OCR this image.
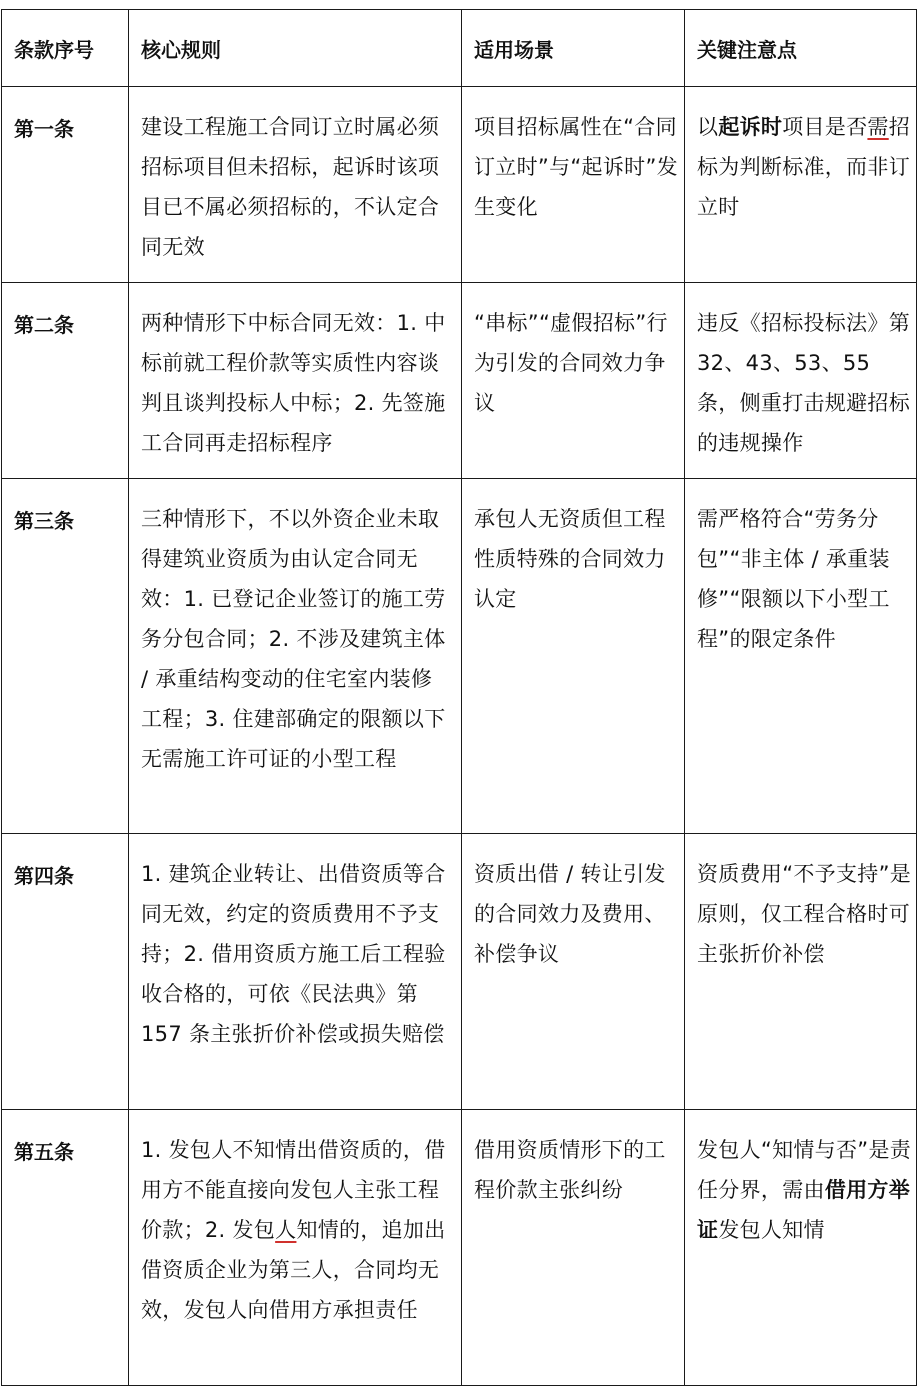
条款序号	核心规则	适用场景	关键注意点
第一条	建设工程施工合同订立时属必须招标项目但未招标，起诉时该项目已不属必须招标的，不认定合同无效	项目招标属性在“合同订立时”与“起诉时”发生变化	以起诉时项目是否需招标为判断标准，而非订立时
第二条	两种情形下中标合同无效：1. 中标前就工程价款等实质性内容谈判且谈判投标人中标；2. 先签施工合同再走招标程序	“串标”“虚假招标”行为引发的合同效力争议	违反《招标投标法》第 32、43、53、55 条，侧重打击规避招标的违规操作
第三条	三种情形下，不以外资企业未取得建筑业资质为由认定合同无效：1. 已登记企业签订的施工劳务分包合同；2. 不涉及建筑主体 / 承重结构变动的住宅室内装修工程；3. 住建部确定的限额以下无需施工许可证的小型工程	承包人无资质但工程性质特殊的合同效力认定	需严格符合“劳务分包”“非主体 / 承重装修”“限额以下小型工程”的限定条件
第四条	1. 建筑企业转让、出借资质等合同无效，约定的资质费用不予支持；2. 借用资质方施工后工程验收合格的，可依《民法典》第 157 条主张折价补偿或损失赔偿	资质出借 / 转让引发的合同效力及费用、补偿争议	资质费用“不予支持”是原则，仅工程合格时可主张折价补偿
第五条	1. 发包人不知情出借资质的，借用方不能直接向发包人主张工程价款；2. 发包人知情的，追加出借资质企业为第三人，合同均无效，发包人向借用方承担责任	借用资质情形下的工程价款主张纠纷	发包人“知情与否”是责任分界，需由借用方举证发包人知情
